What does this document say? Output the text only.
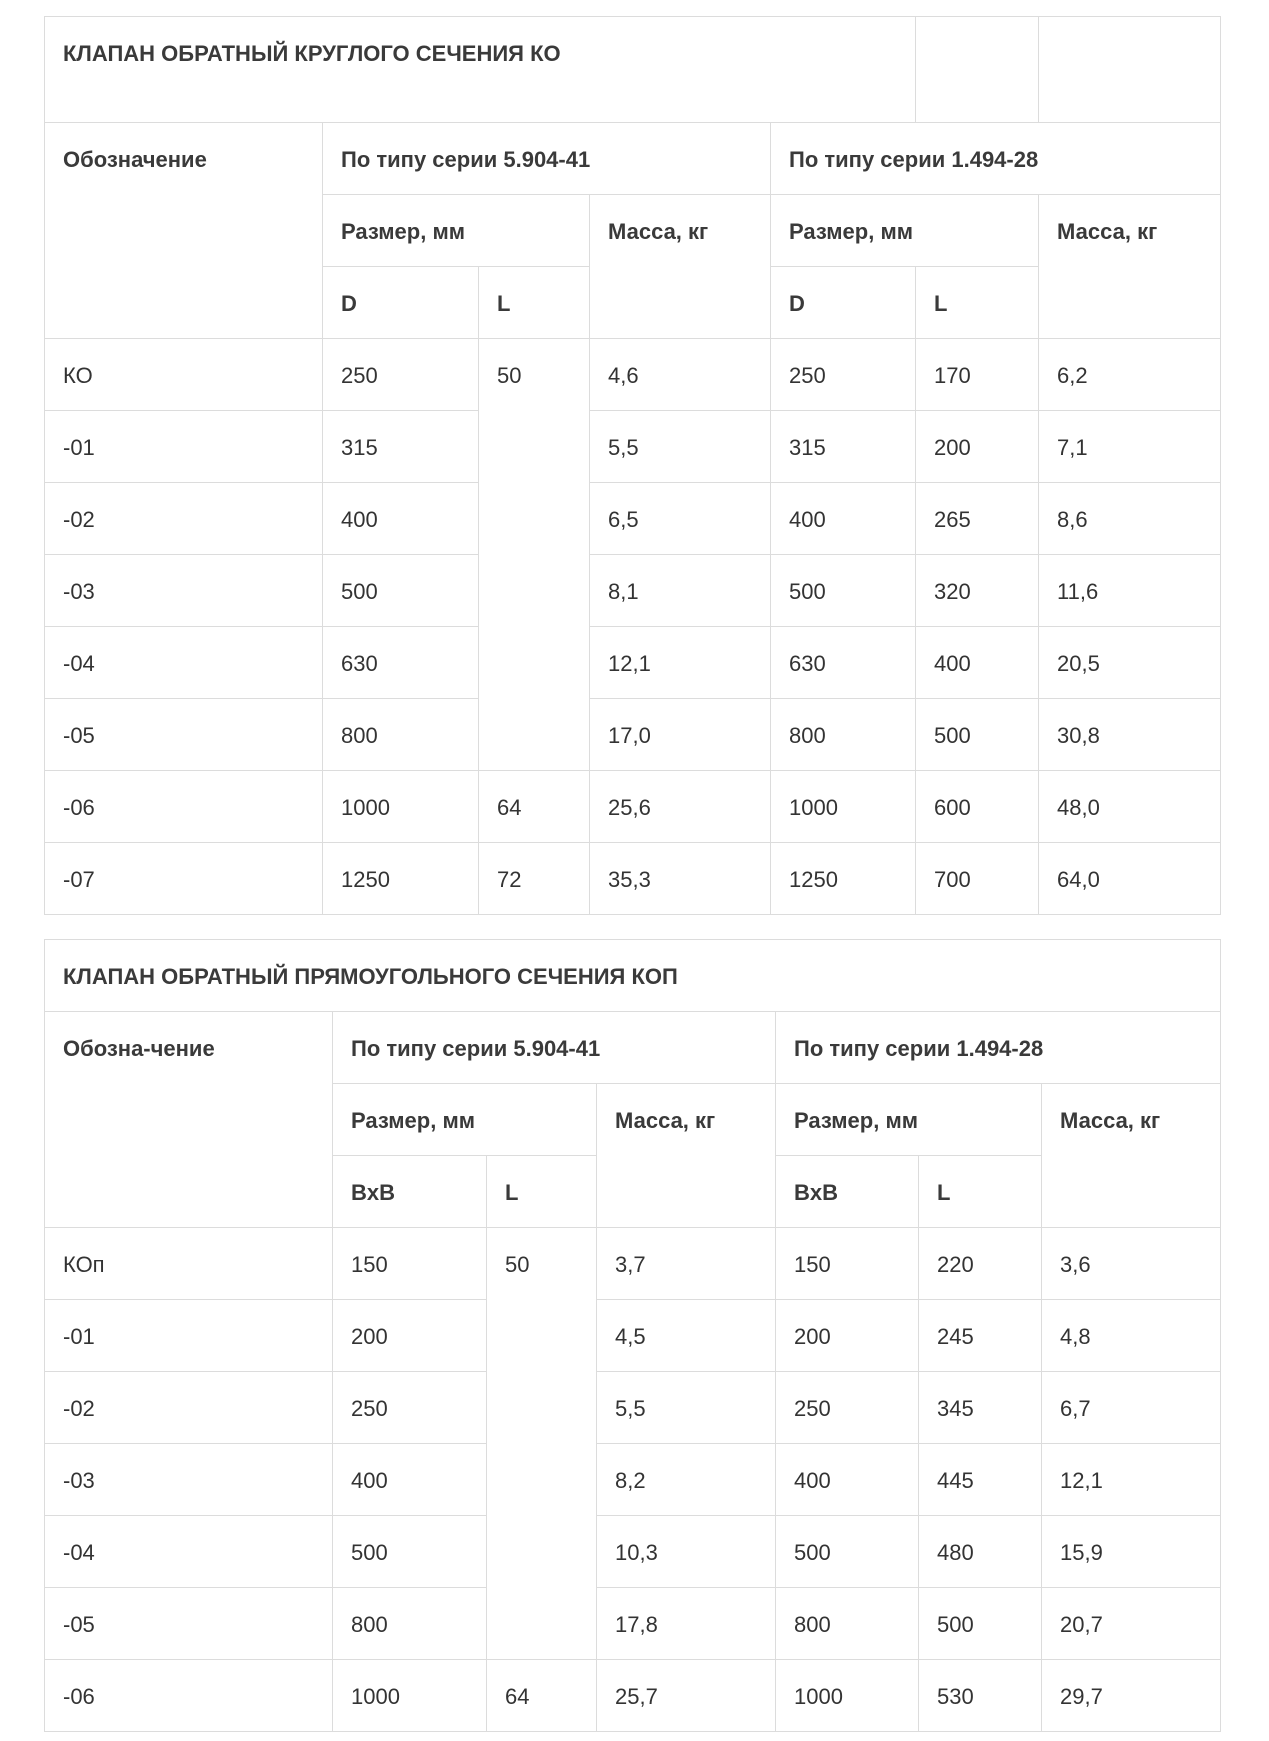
КЛАПАН ОБРАТНЫЙ КРУГЛОГО СЕЧЕНИЯ КО						
Обозначение	По типу серии 5.904-41			По типу серии 1.494-28		
	Размер, мм		Масса, кг	Размер, мм		Масса, кг
	D	L		D	L	
КО	250	50	4,6	250	170	6,2
-01	315		5,5	315	200	7,1
-02	400		6,5	400	265	8,6
-03	500		8,1	500	320	11,6
-04	630		12,1	630	400	20,5
-05	800		17,0	800	500	30,8
-06	1000	64	25,6	1000	600	48,0
-07	1250	72	35,3	1250	700	64,0
КЛАПАН ОБРАТНЫЙ ПРЯМОУГОЛЬНОГО СЕЧЕНИЯ КОП						
Обозна-чение	По типу серии 5.904-41			По типу серии 1.494-28		
	Размер, мм		Масса, кг	Размер, мм		Масса, кг
	BxB	L		BxB	L	
КОп	150	50	3,7	150	220	3,6
-01	200		4,5	200	245	4,8
-02	250		5,5	250	345	6,7
-03	400		8,2	400	445	12,1
-04	500		10,3	500	480	15,9
-05	800		17,8	800	500	20,7
-06	1000	64	25,7	1000	530	29,7
